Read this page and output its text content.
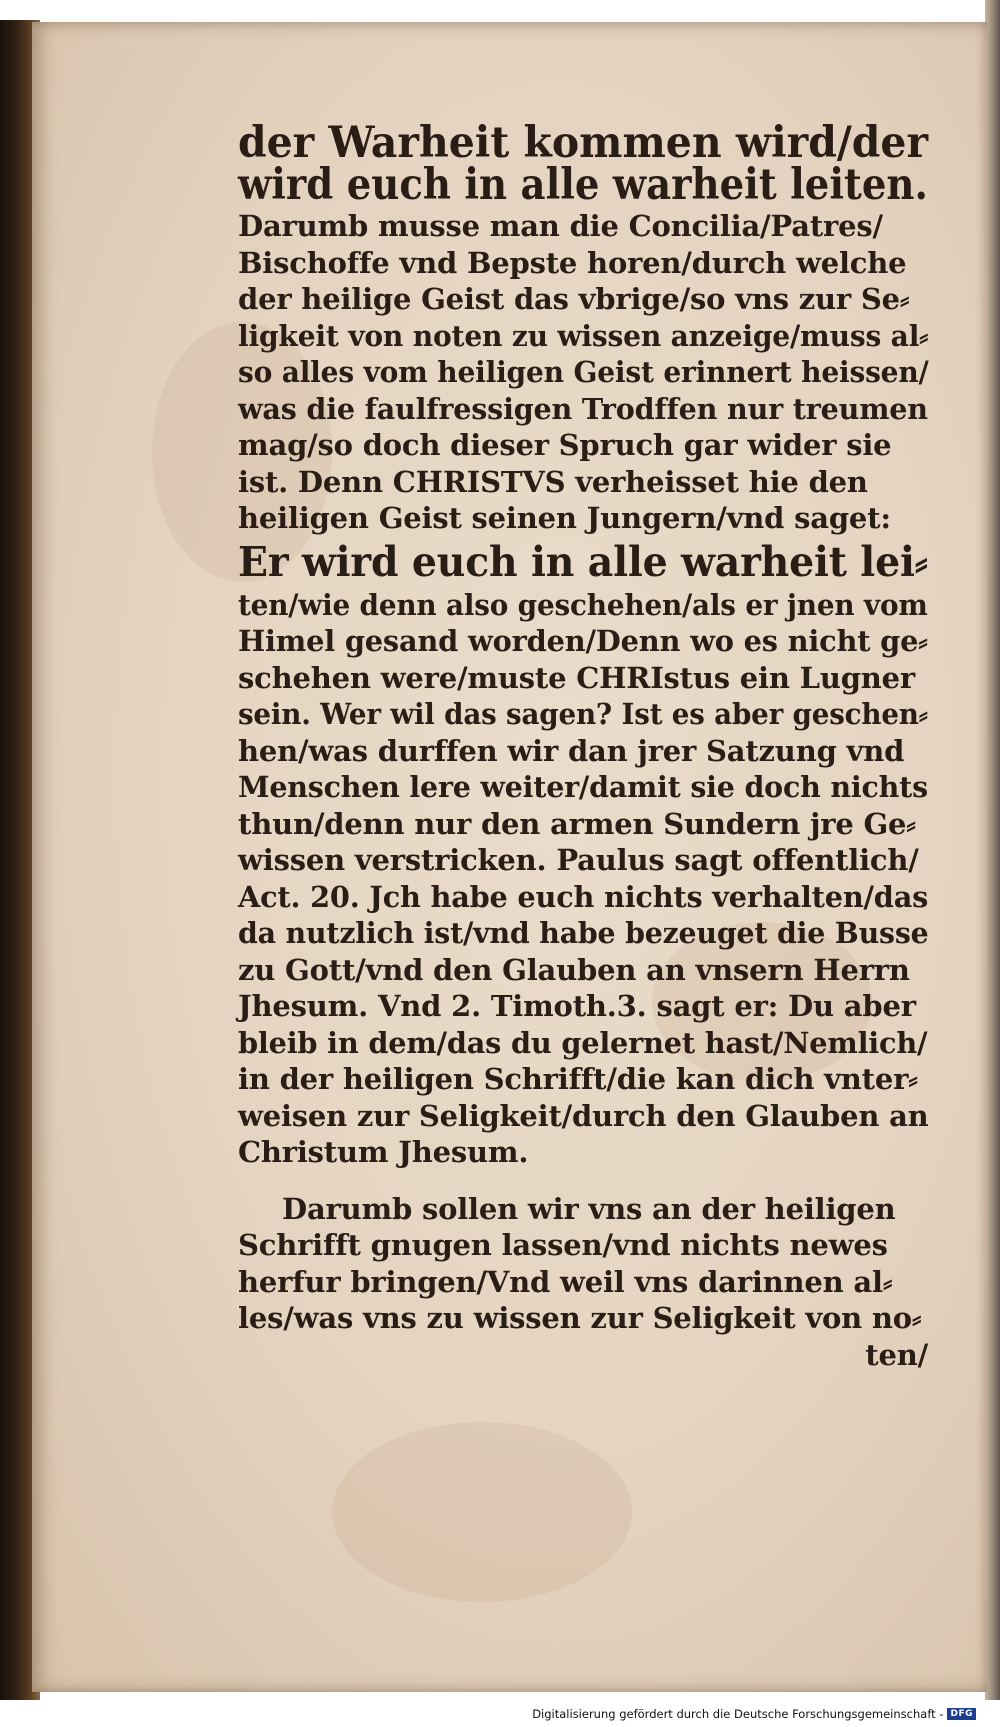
der Warheit kommen wird/der
wird euch in alle warheit leiten.
Darumb musse man die Concilia/Patres/
Bischoffe vnd Bepste horen/durch welche
der heilige Geist das vbrige/so vns zur Se⸗
ligkeit von noten zu wissen anzeige/muss al⸗
so alles vom heiligen Geist erinnert heissen/
was die faulfressigen Trodffen nur treumen
mag/so doch dieser Spruch gar wider sie
ist. Denn CHRISTVS verheisset hie den
heiligen Geist seinen Jungern/vnd saget:
Er wird euch in alle warheit lei⸗
ten/wie denn also geschehen/als er jnen vom
Himel gesand worden/Denn wo es nicht ge⸗
schehen were/muste CHRIstus ein Lugner
sein. Wer wil das sagen? Ist es aber geschen⸗
hen/was durffen wir dan jrer Satzung vnd
Menschen lere weiter/damit sie doch nichts
thun/denn nur den armen Sundern jre Ge⸗
wissen verstricken. Paulus sagt offentlich/
Act. 20. Jch habe euch nichts verhalten/das
da nutzlich ist/vnd habe bezeuget die Busse
zu Gott/vnd den Glauben an vnsern Herrn
Jhesum. Vnd 2. Timoth.3. sagt er: Du aber
bleib in dem/das du gelernet hast/Nemlich/
in der heiligen Schrifft/die kan dich vnter⸗
weisen zur Seligkeit/durch den Glauben an
Christum Jhesum.
Darumb sollen wir vns an der heiligen
Schrifft gnugen lassen/vnd nichts newes
herfur bringen/Vnd weil vns darinnen al⸗
les/was vns zu wissen zur Seligkeit von no⸗
ten/
Digitalisierung gefördert durch die Deutsche Forschungsgemeinschaft - DFG
